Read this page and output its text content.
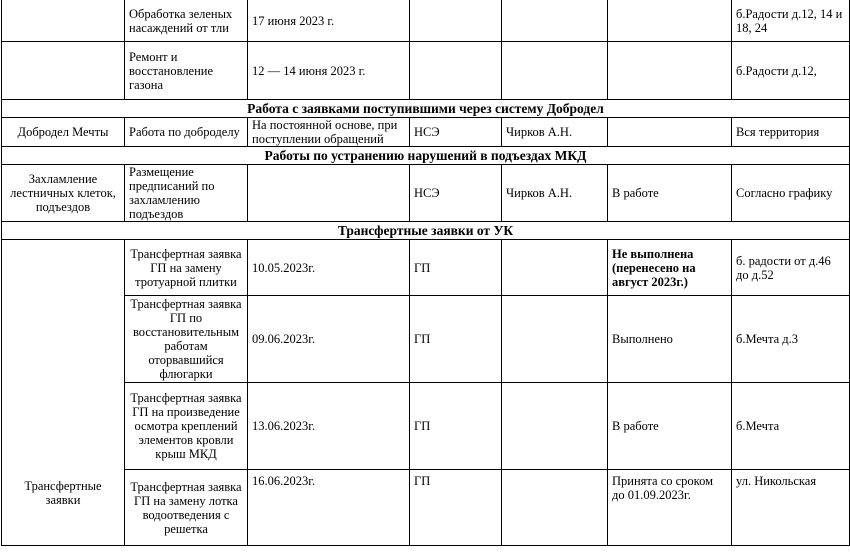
	Обработка зеленых насаждений от тли	17 июня 2023 г.				б.Радости д.12, 14 и 18, 24
	Ремонт и восстановление газона	12 — 14 июня 2023 г.				б.Радости д.12,
Работа с заявками поступившими через систему Добродел						
Добродел Мечты	Работа по доброделу	На постоянной основе, при поступлении обращений	НСЭ	Чирков А.Н.		Вся территория
Работы по устранению нарушений в подъездах МКД						
Захламление лестничных клеток, подъездов	Размещение предписаний по захламлению подъездов		НСЭ	Чирков А.Н.	В работе	Согласно графику
Трансфертные заявки от УК						
Трансфертные заявки	Трансфертная заявка ГП на замену тротуарной плитки	10.05.2023г.	ГП		Не выполнена (перенесено на август 2023г.)	б. радости от д.46 до д.52
	Трансфертная заявка ГП по восстановительным работам оторвавшийся флюгарки	09.06.2023г.	ГП		Выполнено	б.Мечта д.3
	Трансфертная заявка ГП на произведение осмотра креплений элементов кровли крыш МКД	13.06.2023г.	ГП		В работе	б.Мечта
	Трансфертная заявка ГП на замену лотка водоотведения с решетка	16.06.2023г.	ГП		Принята со сроком до 01.09.2023г.	ул. Никольская
